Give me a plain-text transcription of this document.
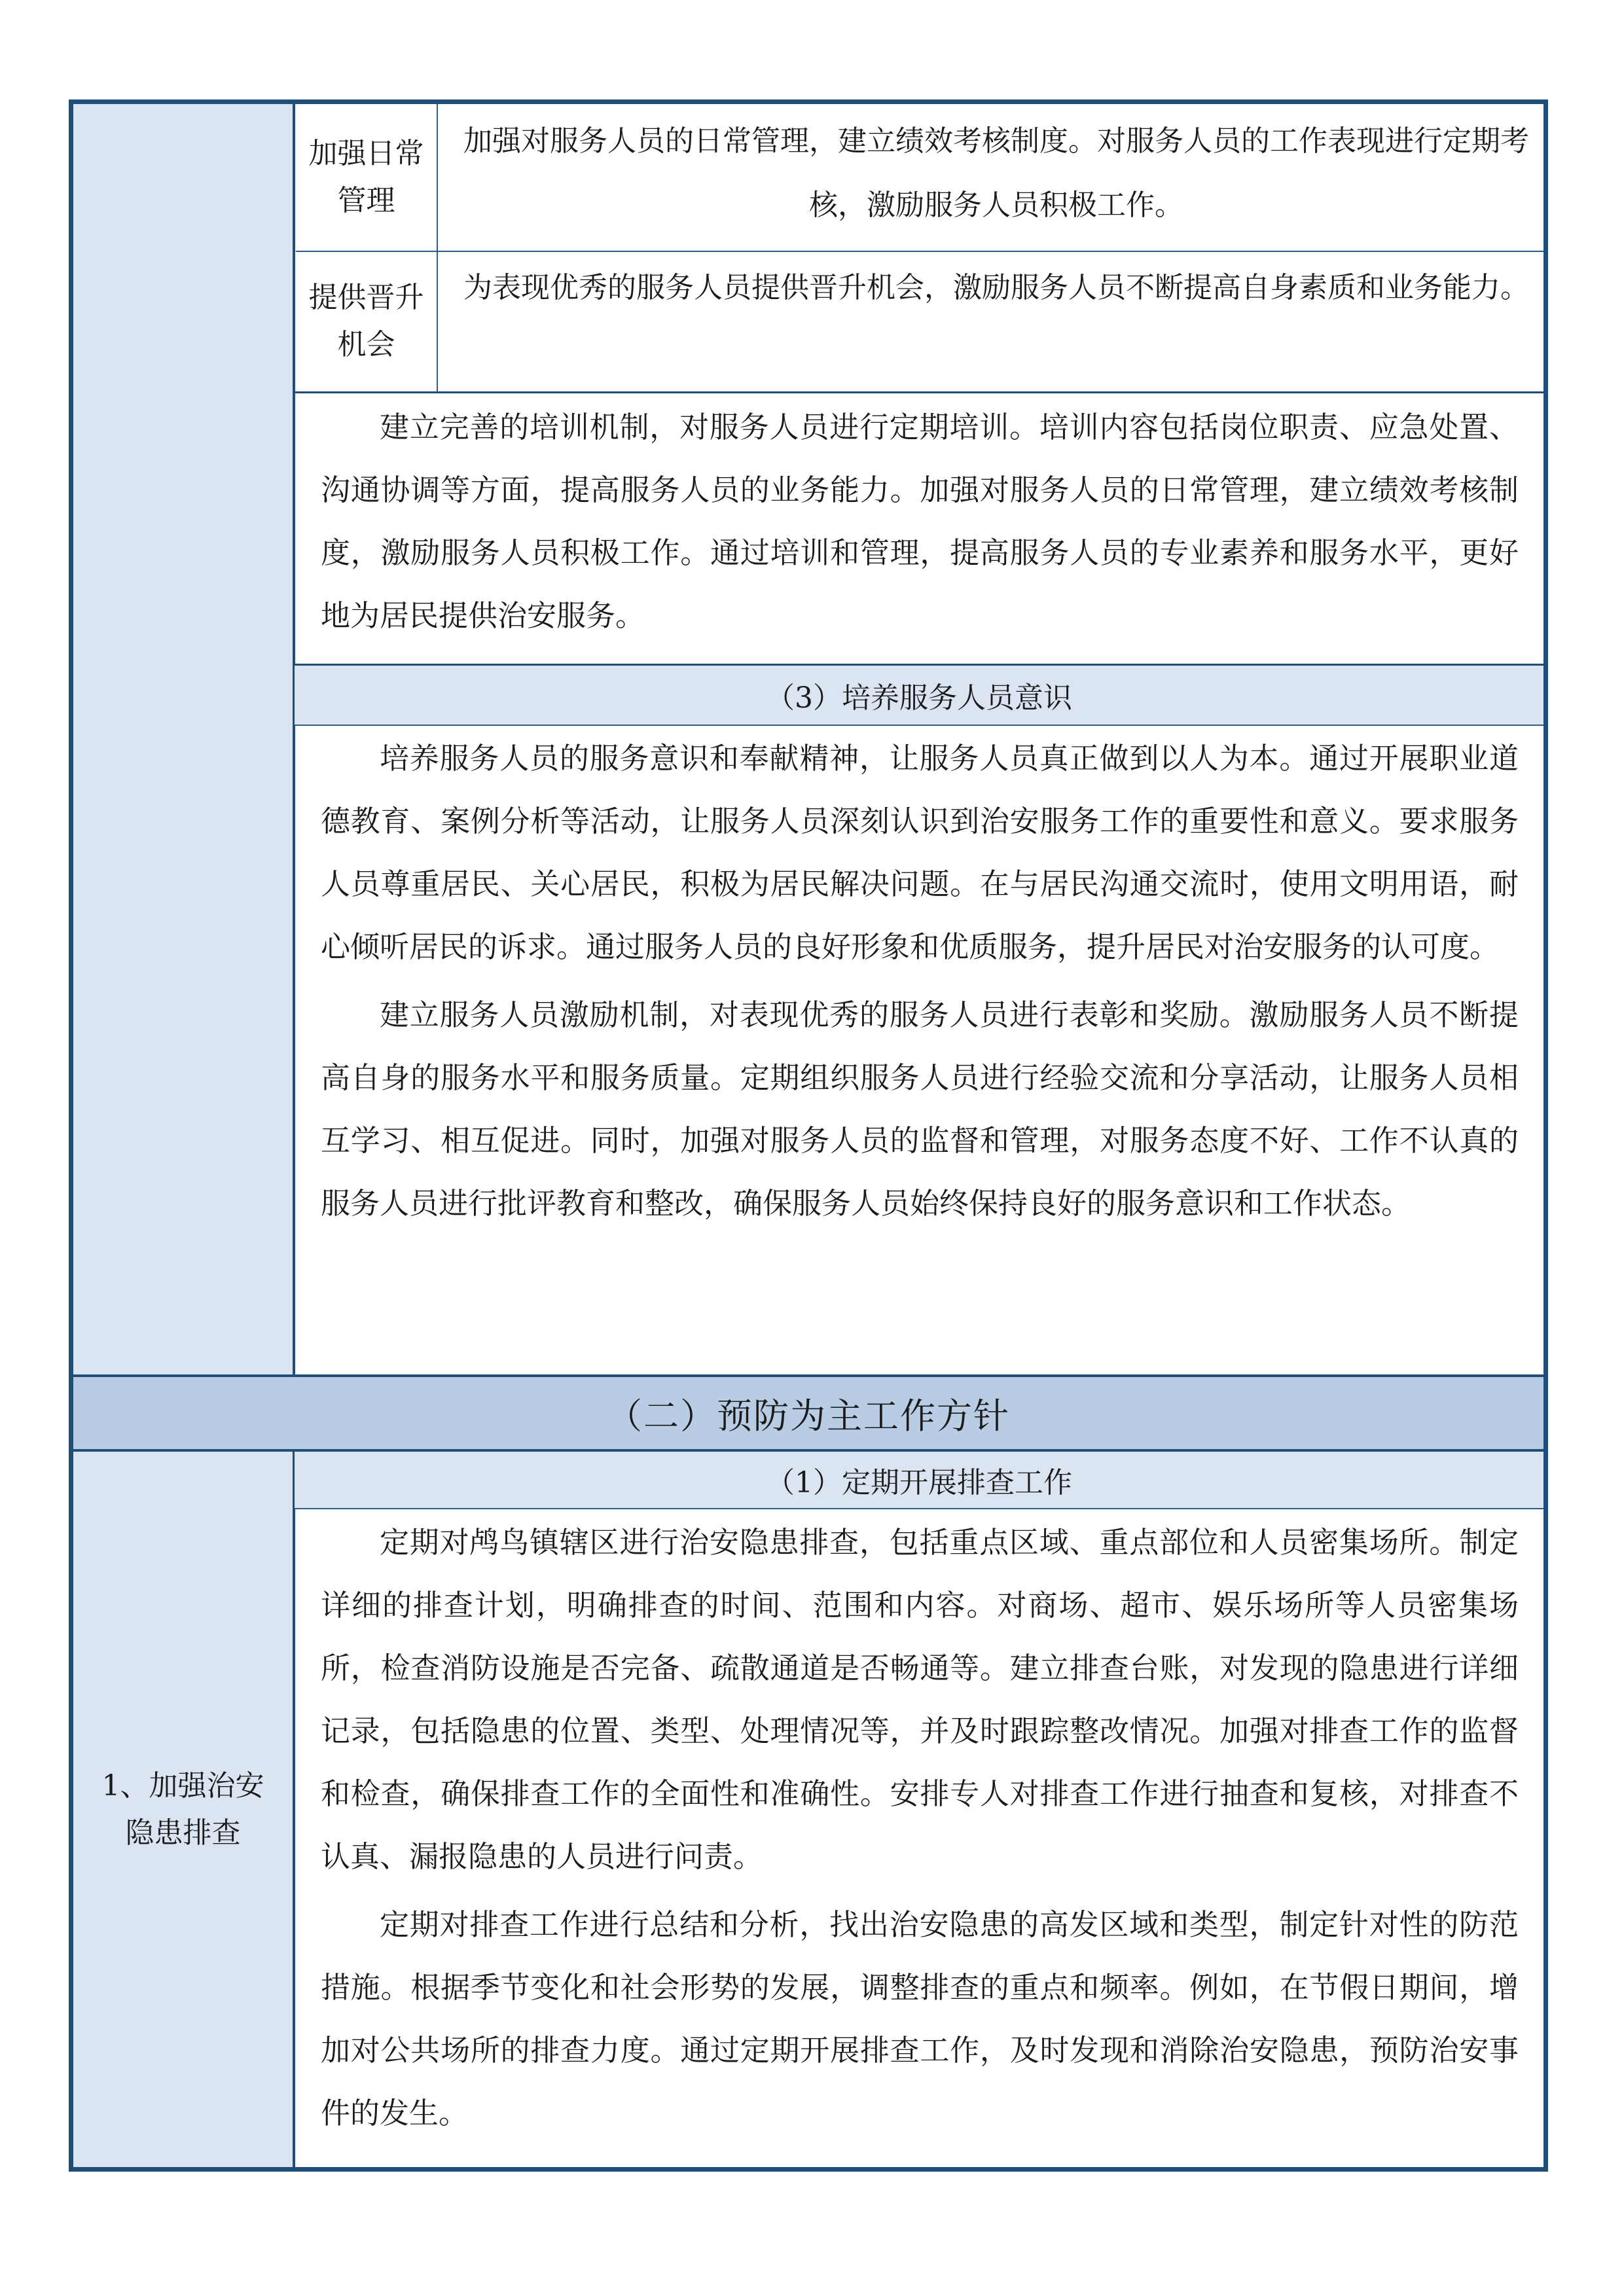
1、加强治安隐患排查
加强日常管理
提供晋升机会
加强对服务人员的日常管理，建立绩效考核制度。对服务人员的工作表现进行定期考核，激励服务人员积极工作。
为表现优秀的服务人员提供晋升机会，激励服务人员不断提高自身素质和业务能力。

建立完善的培训机制，对服务人员进行定期培训。培训内容包括岗位职责、应急处置、沟通协调等方面，提高服务人员的业务能力。加强对服务人员的日常管理，建立绩效考核制度，激励服务人员积极工作。通过培训和管理，提高服务人员的专业素养和服务水平，更好地为居民提供治安服务。

（3）培养服务人员意识

培养服务人员的服务意识和奉献精神，让服务人员真正做到以人为本。通过开展职业道德教育、案例分析等活动，让服务人员深刻认识到治安服务工作的重要性和意义。要求服务人员尊重居民、关心居民，积极为居民解决问题。在与居民沟通交流时，使用文明用语，耐心倾听居民的诉求。通过服务人员的良好形象和优质服务，提升居民对治安服务的认可度。

建立服务人员激励机制，对表现优秀的服务人员进行表彰和奖励。激励服务人员不断提高自身的服务水平和服务质量。定期组织服务人员进行经验交流和分享活动，让服务人员相互学习、相互促进。同时，加强对服务人员的监督和管理，对服务态度不好、工作不认真的服务人员进行批评教育和整改，确保服务人员始终保持良好的服务意识和工作状态。

（二）预防为主工作方针
（1）定期开展排查工作

定期对鸬鸟镇辖区进行治安隐患排查，包括重点区域、重点部位和人员密集场所。制定详细的排查计划，明确排查的时间、范围和内容。对商场、超市、娱乐场所等人员密集场所，检查消防设施是否完备、疏散通道是否畅通等。建立排查台账，对发现的隐患进行详细记录，包括隐患的位置、类型、处理情况等，并及时跟踪整改情况。加强对排查工作的监督和检查，确保排查工作的全面性和准确性。安排专人对排查工作进行抽查和复核，对排查不认真、漏报隐患的人员进行问责。

定期对排查工作进行总结和分析，找出治安隐患的高发区域和类型，制定针对性的防范措施。根据季节变化和社会形势的发展，调整排查的重点和频率。例如，在节假日期间，增加对公共场所的排查力度。通过定期开展排查工作，及时发现和消除治安隐患，预防治安事件的发生。
